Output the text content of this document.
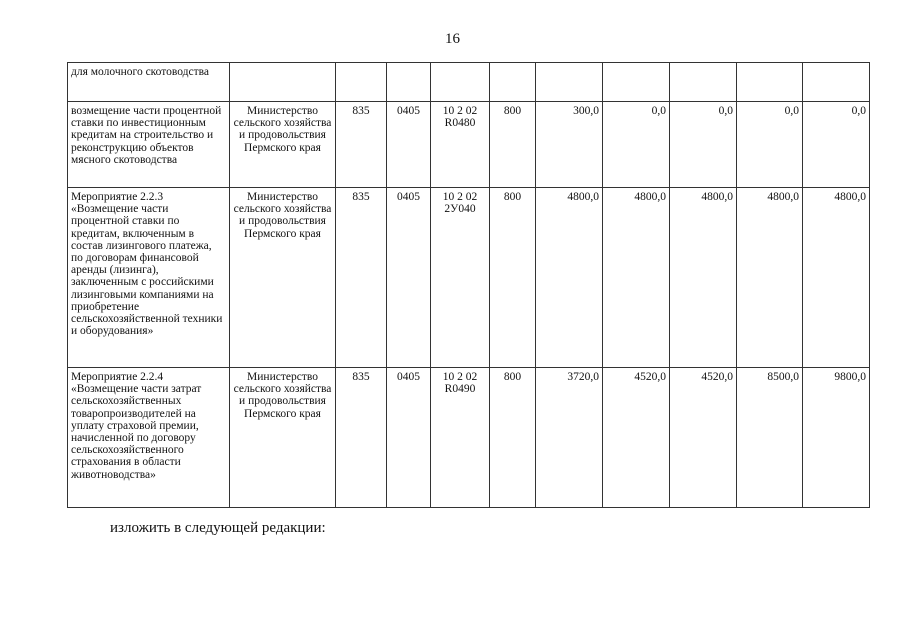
16
для молочного скотоводства										
возмещение части процентной ставки по инвестиционным кредитам на строительство и реконструкцию объектов мясного скотоводства	Министерство сельского хозяйства и продовольствия Пермского края	835	0405	10 2 02 R0480	800	300,0	0,0	0,0	0,0	0,0
Мероприятие 2.2.3 «Возмещение части процентной ставки по кредитам, включенным в состав лизингового платежа, по договорам финансовой аренды (лизинга), заключенным с российскими лизинговыми компаниями на приобретение сельскохозяйственной техники и оборудования»	Министерство сельского хозяйства и продовольствия Пермского края	835	0405	10 2 02 2У040	800	4800,0	4800,0	4800,0	4800,0	4800,0
Мероприятие 2.2.4 «Возмещение части затрат сельскохозяйственных товаропроизводителей на уплату страховой премии, начисленной по договору сельскохозяйственного страхования в области животноводства»	Министерство сельского хозяйства и продовольствия Пермского края	835	0405	10 2 02 R0490	800	3720,0	4520,0	4520,0	8500,0	9800,0
изложить в следующей редакции:
